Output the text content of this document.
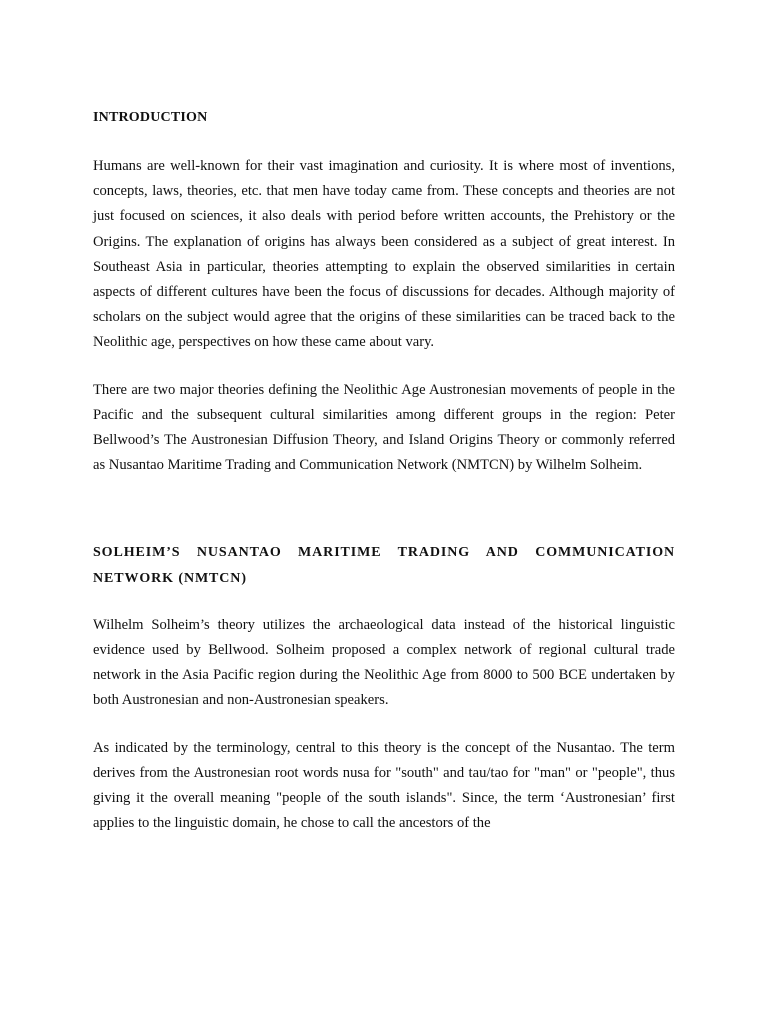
INTRODUCTION

Humans are well-known for their vast imagination and curiosity. It is where most of inventions, concepts, laws, theories, etc. that men have today came from. These concepts and theories are not just focused on sciences, it also deals with period before written accounts, the Prehistory or the Origins. The explanation of origins has always been considered as a subject of great interest. In Southeast Asia in particular, theories attempting to explain the observed similarities in certain aspects of different cultures have been the focus of discussions for decades. Although majority of scholars on the subject would agree that the origins of these similarities can be traced back to the Neolithic age, perspectives on how these came about vary.

There are two major theories defining the Neolithic Age Austronesian movements of people in the Pacific and the subsequent cultural similarities among different groups in the region: Peter Bellwood’s The Austronesian Diffusion Theory, and Island Origins Theory or commonly referred as Nusantao Maritime Trading and Communication Network (NMTCN) by Wilhelm Solheim.

SOLHEIM’S NUSANTAO MARITIME TRADING AND COMMUNICATION NETWORK (NMTCN)

Wilhelm Solheim’s theory utilizes the archaeological data instead of the historical linguistic evidence used by Bellwood. Solheim proposed a complex network of regional cultural trade network in the Asia Pacific region during the Neolithic Age from 8000 to 500 BCE undertaken by both Austronesian and non-Austronesian speakers.

As indicated by the terminology, central to this theory is the concept of the Nusantao. The term derives from the Austronesian root words nusa for "south" and tau/tao for "man" or "people", thus giving it the overall meaning "people of the south islands". Since, the term ‘Austronesian’ first applies to the linguistic domain, he chose to call the ancestors of the
